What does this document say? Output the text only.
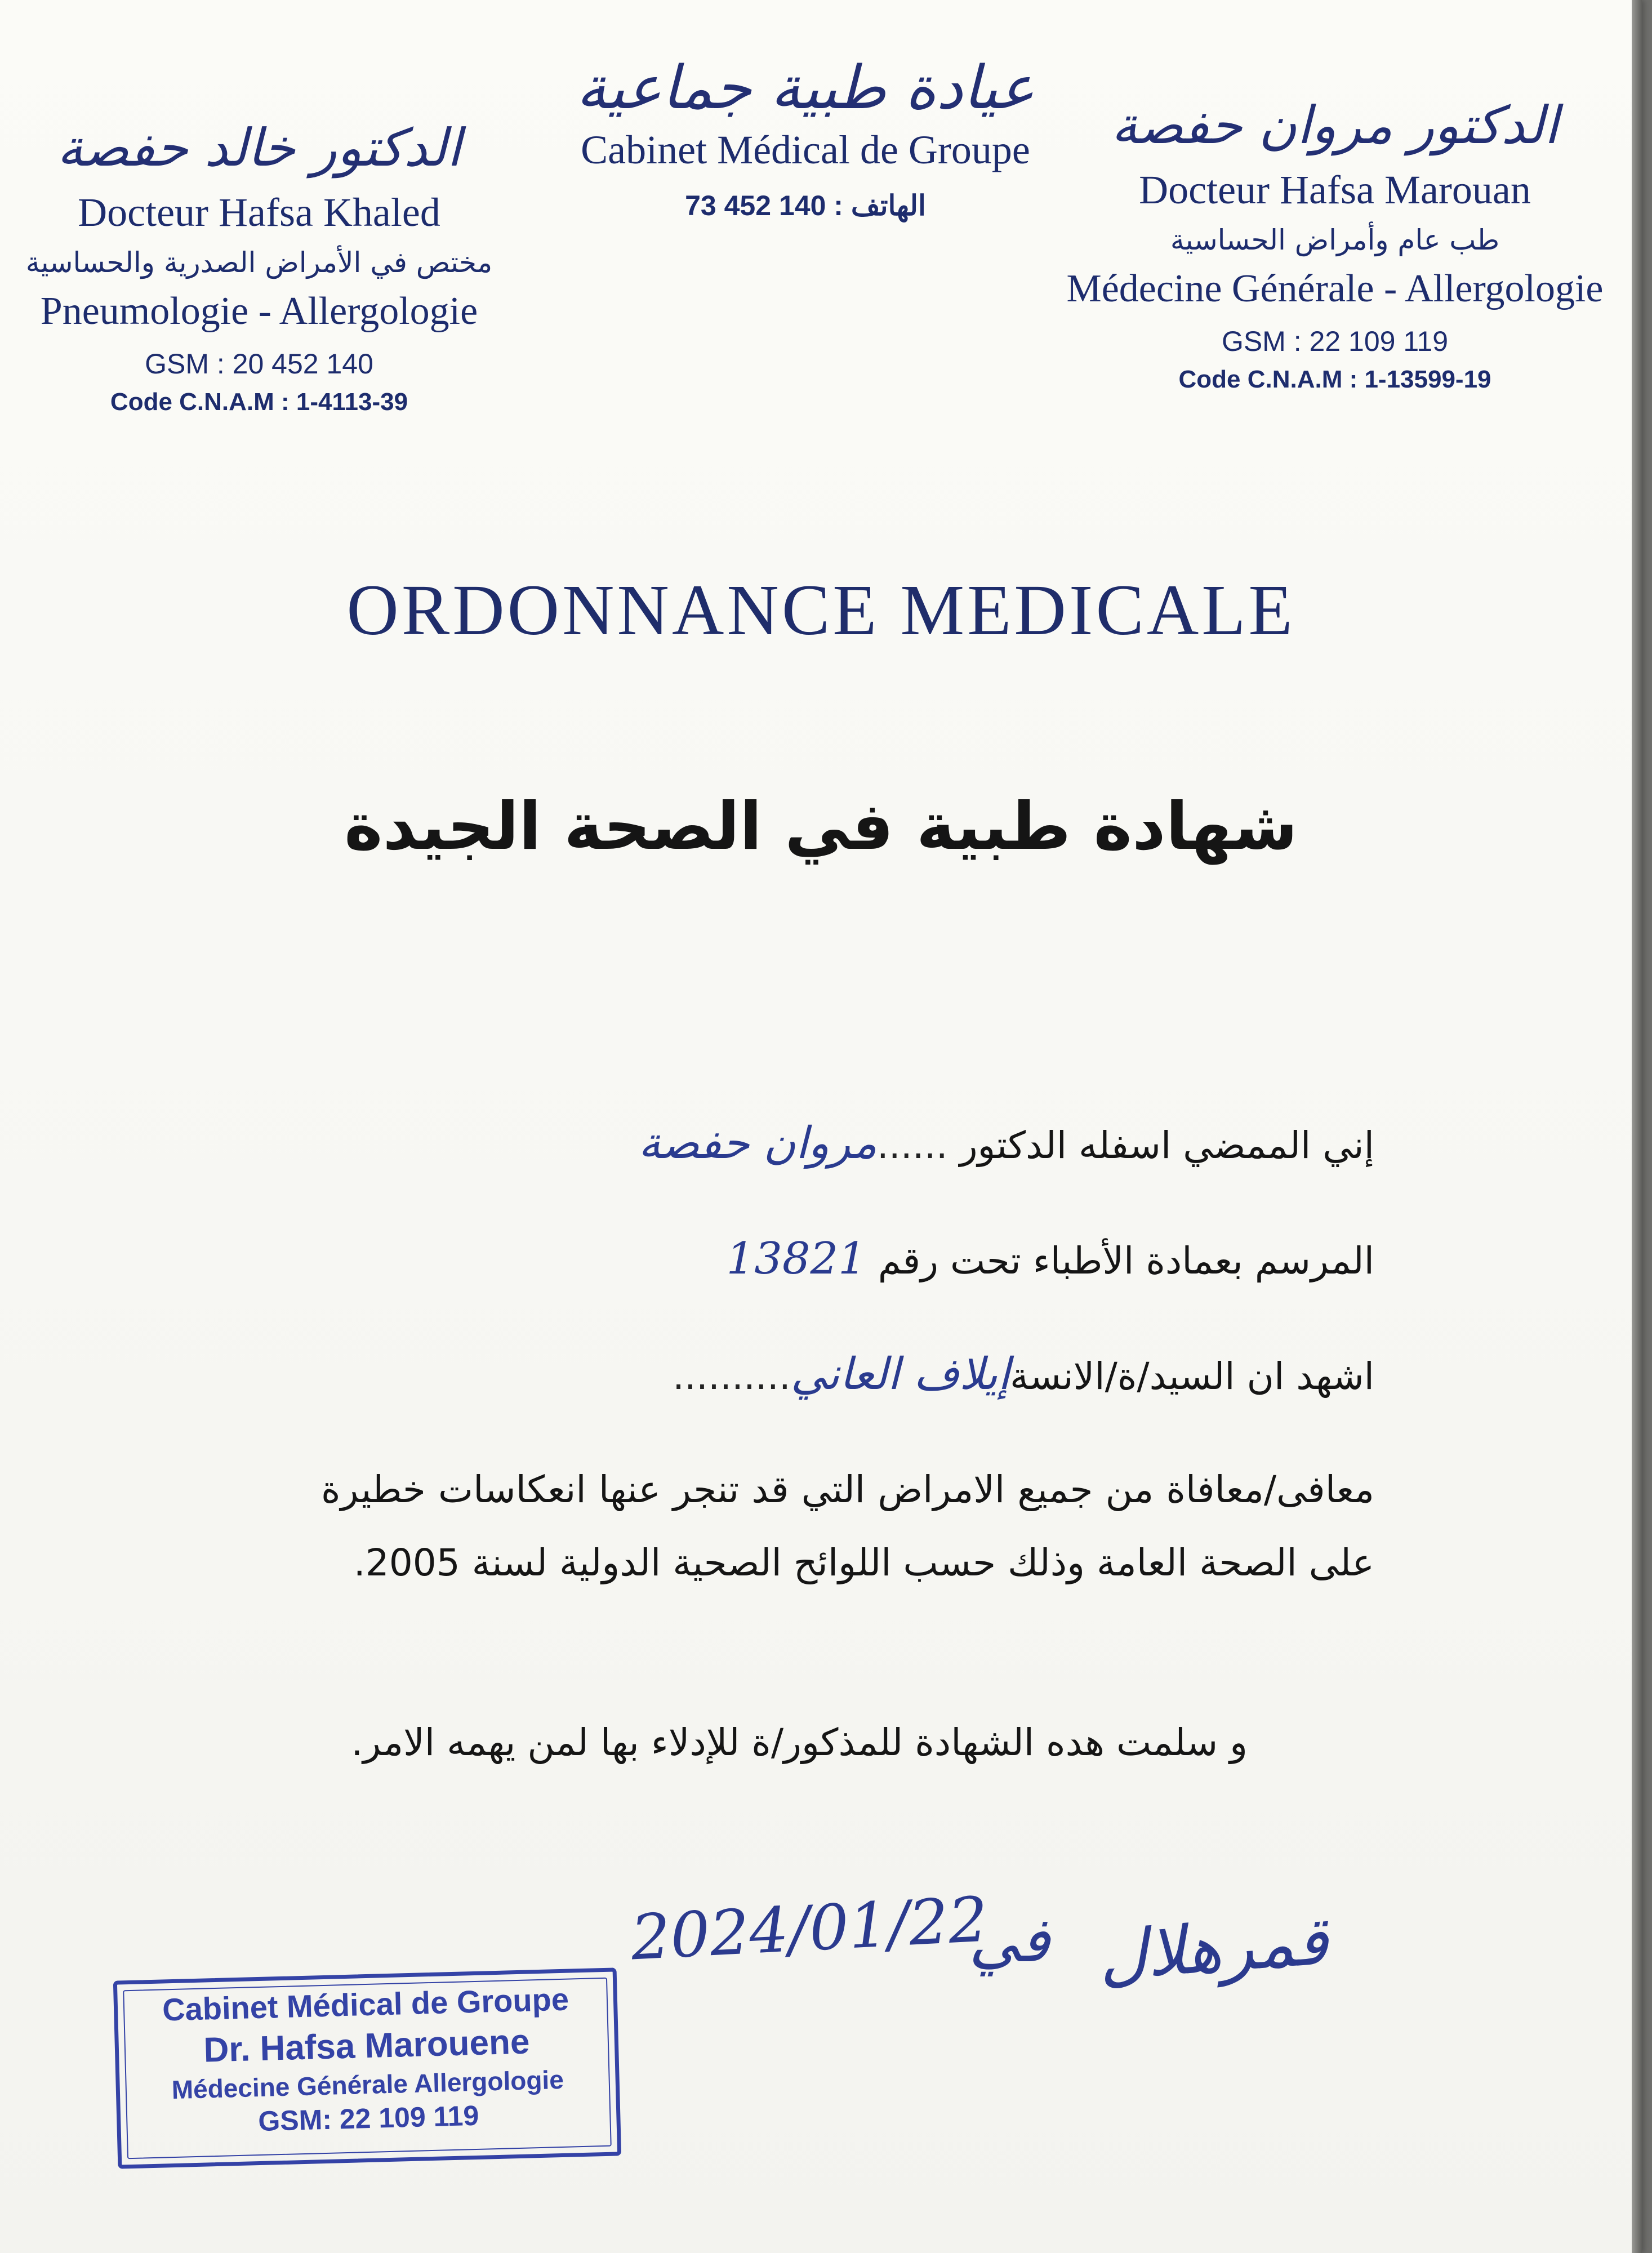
الدكتور خالد حفصة
Docteur Hafsa Khaled
مختص في الأمراض الصدرية والحساسية
Pneumologie - Allergologie
GSM : 20 452 140
Code C.N.A.M : 1-4113-39
عيادة طبية جماعية
Cabinet Médical de Groupe
الهاتف : 140 452 73
الدكتور مروان حفصة
Docteur Hafsa Marouan
طب عام وأمراض الحساسية
Médecine Générale - Allergologie
GSM : 22 109 119
Code C.N.A.M : 1-13599-19
ORDONNANCE MEDICALE
شهادة طبية في الصحة الجيدة
إني الممضي اسفله الدكتور ......مروان حفصة
المرسم بعمادة الأطباء تحت رقم 13821
اشهد ان السيد/ة/الانسةإيلاف العاني..........
معافى/معافاة من جميع الامراض التي قد تنجر عنها انعكاسات خطيرة على الصحة العامة وذلك حسب اللوائح الصحية الدولية لسنة 2005.
و سلمت هده الشهادة للمذكور/ة للإدلاء بها لمن يهمه الامر.
2024/01/22
في قمرهلال
Cabinet Médical de Groupe
Dr. Hafsa Marouene
Médecine Générale Allergologie
GSM: 22 109 119
